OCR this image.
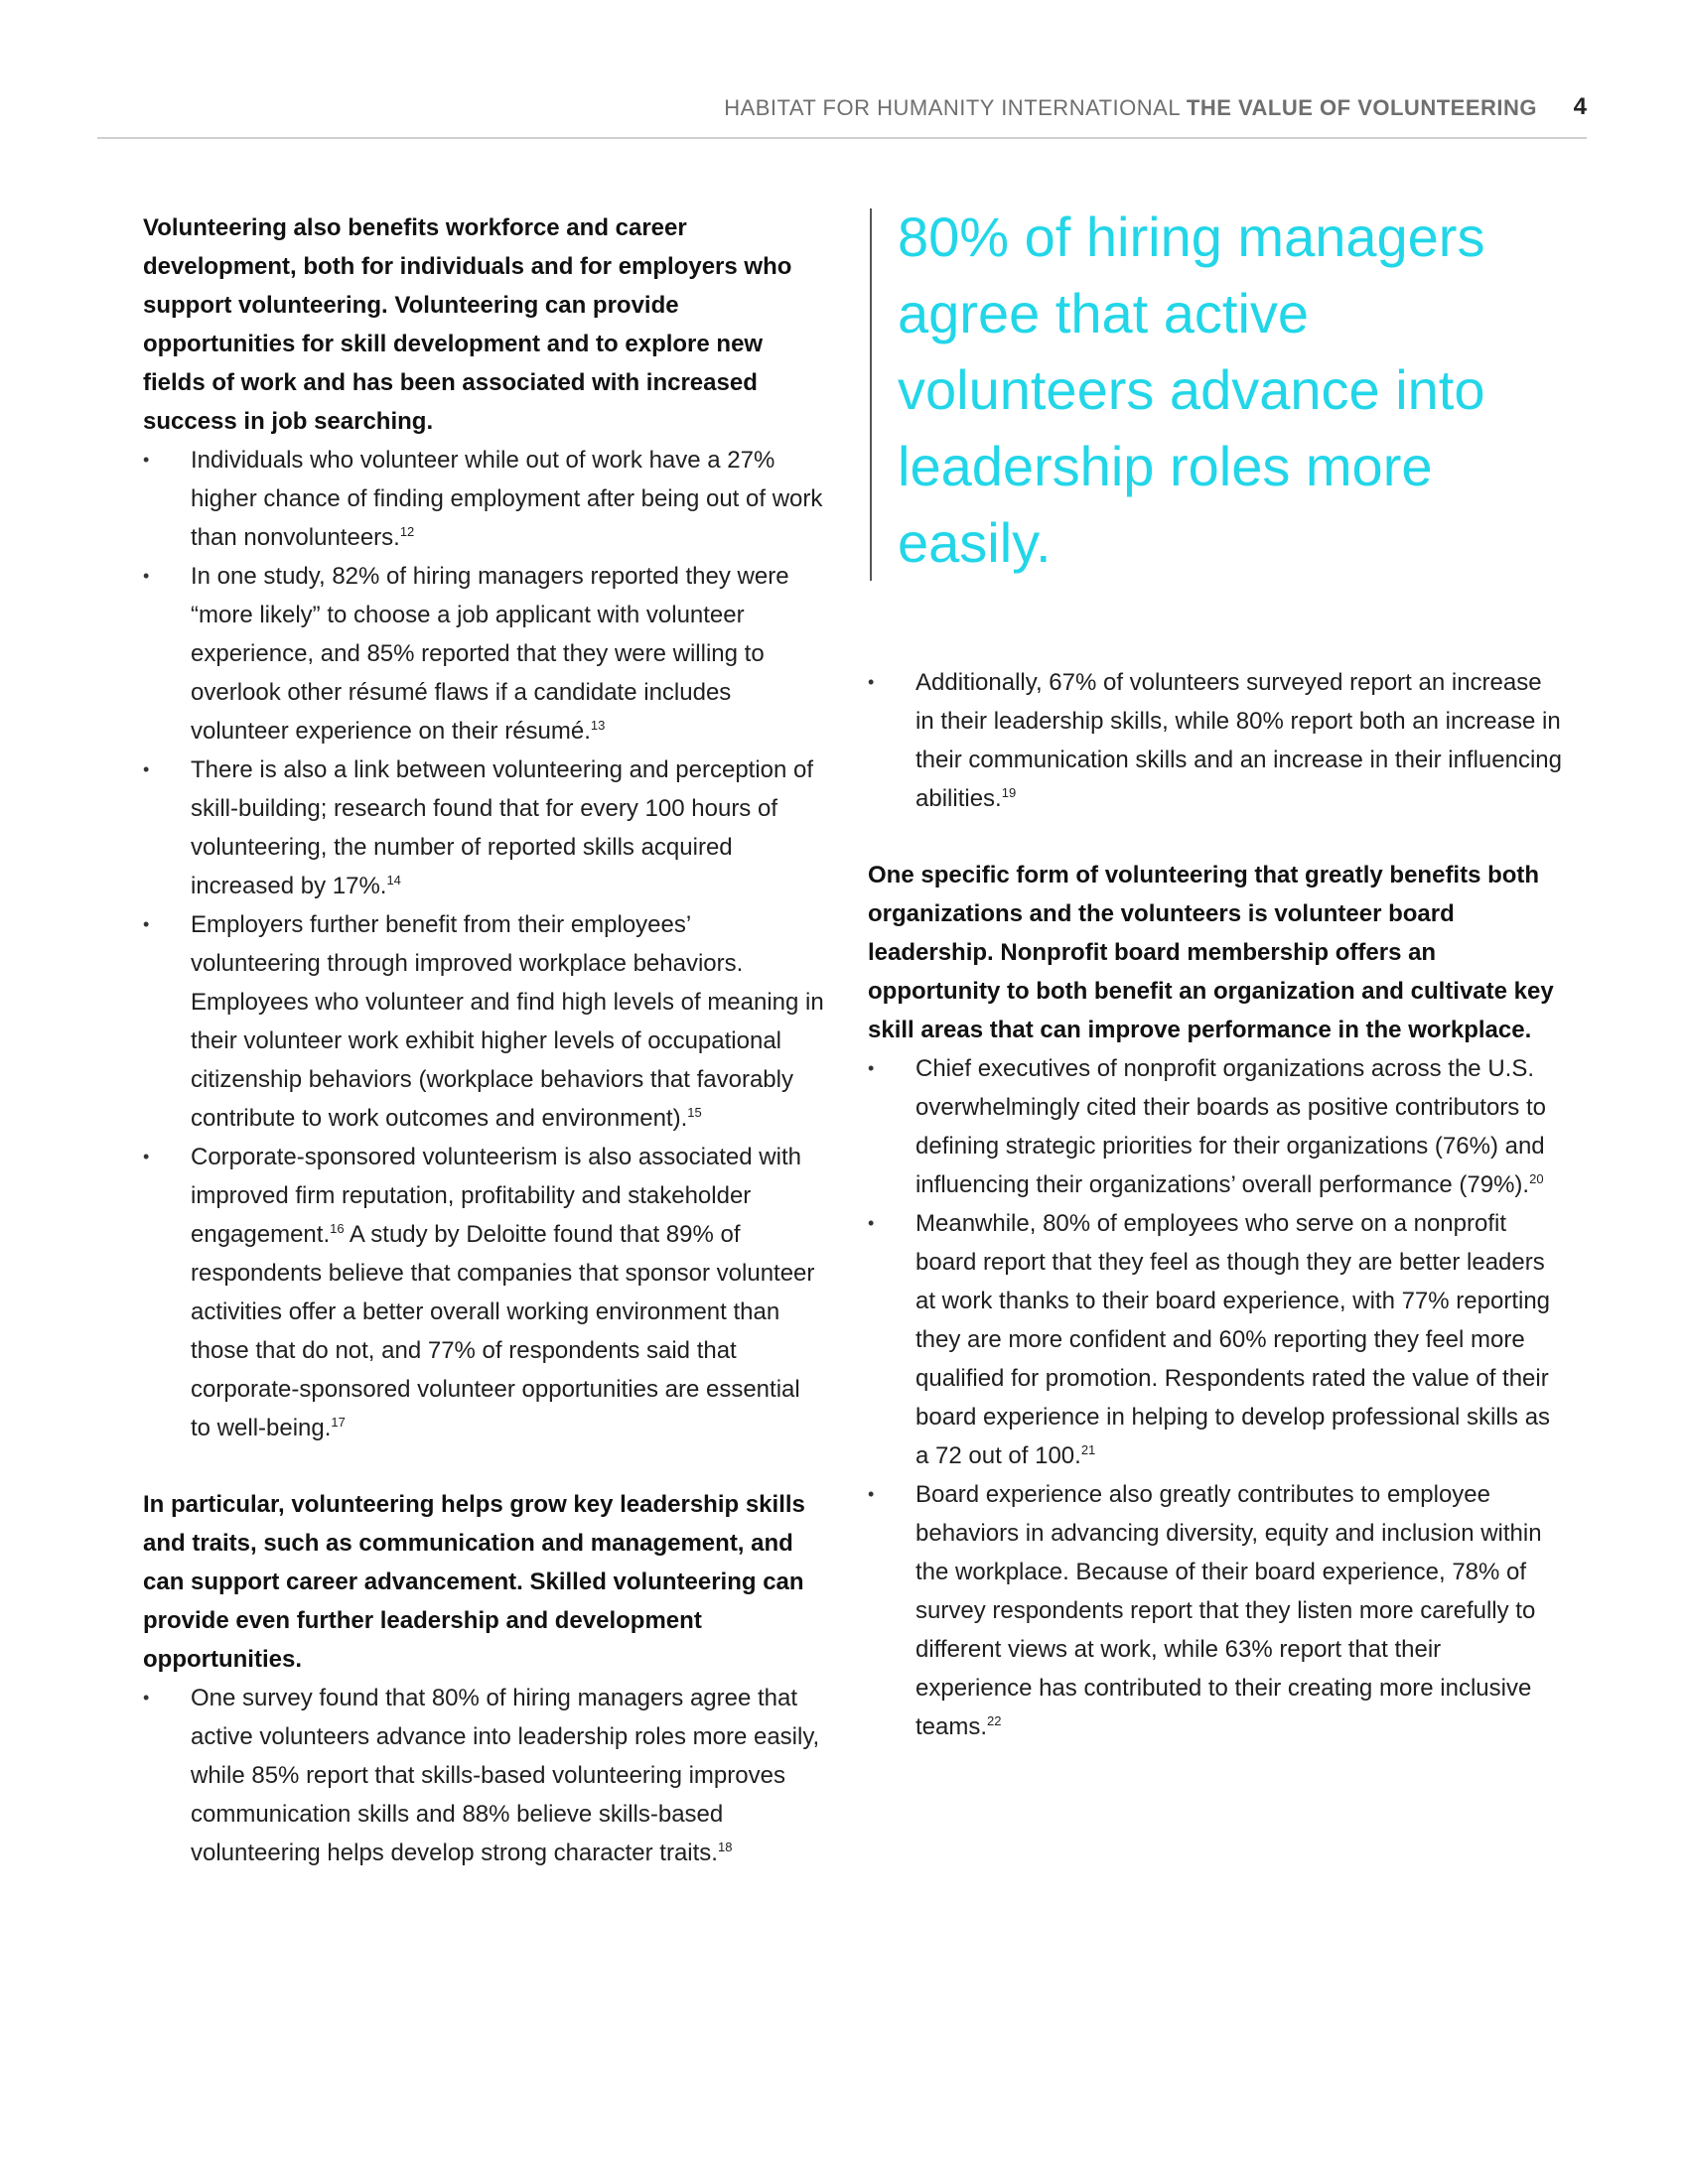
HABITAT FOR HUMANITY INTERNATIONAL THE VALUE OF VOLUNTEERING 4

Volunteering also benefits workforce and career development, both for individuals and for employers who support volunteering. Volunteering can provide opportunities for skill development and to explore new fields of work and has been associated with increased success in job searching.

• Individuals who volunteer while out of work have a 27% higher chance of finding employment after being out of work than nonvolunteers.$^{12}$
• In one study, 82% of hiring managers reported they were “more likely” to choose a job applicant with volunteer experience, and 85% reported that they were willing to overlook other résumé flaws if a candidate includes volunteer experience on their résumé.$^{13}$
• There is also a link between volunteering and perception of skill-building; research found that for every 100 hours of volunteering, the number of reported skills acquired increased by 17%.$^{14}$
• Employers further benefit from their employees’ volunteering through improved workplace behaviors. Employees who volunteer and find high levels of meaning in their volunteer work exhibit higher levels of occupational citizenship behaviors (workplace behaviors that favorably contribute to work outcomes and environment).$^{15}$
• Corporate-sponsored volunteerism is also associated with improved firm reputation, profitability and stakeholder engagement.$^{16}$ A study by Deloitte found that 89% of respondents believe that companies that sponsor volunteer activities offer a better overall working environment than those that do not, and 77% of respondents said that corporate-sponsored volunteer opportunities are essential to well-being.$^{17}$

In particular, volunteering helps grow key leadership skills and traits, such as communication and management, and can support career advancement. Skilled volunteering can provide even further leadership and development opportunities.

• One survey found that 80% of hiring managers agree that active volunteers advance into leadership roles more easily, while 85% report that skills-based volunteering improves communication skills and 88% believe skills-based volunteering helps develop strong character traits.$^{18}$

80% of hiring managers agree that active volunteers advance into leadership roles more easily.

• Additionally, 67% of volunteers surveyed report an increase in their leadership skills, while 80% report both an increase in their communication skills and an increase in their influencing abilities.$^{19}$

One specific form of volunteering that greatly benefits both organizations and the volunteers is volunteer board leadership. Nonprofit board membership offers an opportunity to both benefit an organization and cultivate key skill areas that can improve performance in the workplace.

• Chief executives of nonprofit organizations across the U.S. overwhelmingly cited their boards as positive contributors to defining strategic priorities for their organizations (76%) and influencing their organizations’ overall performance (79%).$^{20}$
• Meanwhile, 80% of employees who serve on a nonprofit board report that they feel as though they are better leaders at work thanks to their board experience, with 77% reporting they are more confident and 60% reporting they feel more qualified for promotion. Respondents rated the value of their board experience in helping to develop professional skills as a 72 out of 100.21
• Board experience also greatly contributes to employee behaviors in advancing diversity, equity and inclusion within the workplace. Because of their board experience, 78% of survey respondents report that they listen more carefully to different views at work, while 63% report that their experience has contributed to their creating more inclusive teams.$^{22}$
